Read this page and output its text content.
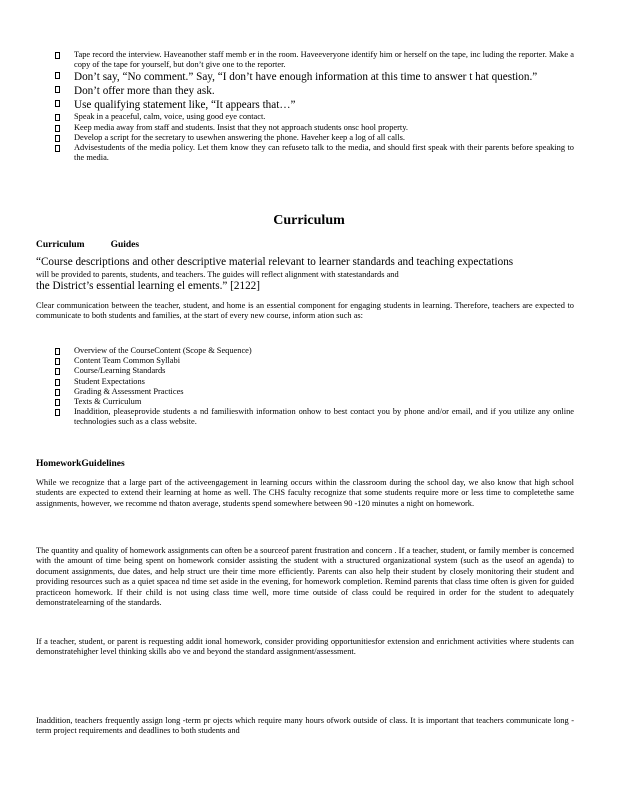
Tape record the interview. Haveanother staff memb er in the room. Haveeveryone identify him or herself on the tape, inc luding the reporter. Make a copy of the tape for yourself, but don’t give one to the reporter.
Don’t say, “No comment.” Say, “I don’t have enough information at this time to answer t hat question.”
Don’t offer more than they ask.
Use qualifying statement like, “It appears that…”
Speak in a peaceful, calm, voice, using good eye contact.
Keep media away from staff and students. Insist that they not approach students onsc hool property.
Develop a script for the secretary to usewhen answering the phone. Haveher keep a log of all calls.
Advisestudents of the media policy. Let them know they can refuseto talk to the media, and should first speak with their parents before speaking to the media.
Curriculum

Curriculum	Guides

“Course descriptions and other descriptive material relevant to learner standards and teaching expectations
will be provided to parents, students, and teachers. The guides will reflect alignment with statestandards and
the District’s essential learning el ements.” [2122]
Clear communication between the teacher, student, and home is an essential component for engaging students in learning. Therefore, teachers are expected to communicate to both students and families, at the start of every new course, inform ation such as:
Overview of the CourseContent (Scope & Sequence)
Content Team Common Syllabi
Course/Learning Standards
Student Expectations
Grading & Assessment Practices
Texts & Curriculum
Inaddition, pleaseprovide students a nd familieswith information onhow to best contact you by phone and/or email, and if you utilize any online technologies such as a class website.

HomeworkGuidelines

While we recognize that a large part of the activeengagement in learning occurs within the classroom during the school day, we also know that high school students are expected to extend their learning at home as well. The CHS faculty recognize that some students require more or less time to completethe same assignments, however, we recomme nd thaton average, students spend somewhere between 90 -120 minutes a night on homework.
The quantity and quality of homework assignments can often be a sourceof parent frustration and concern . If a teacher, student, or family member is concerned with the amount of time being spent on homework consider assisting the student with a structured organizational system (such as the useof an agenda) to document assignments, due dates, and help struct ure their time more efficiently. Parents can also help their student by closely monitoring their student and providing resources such as a quiet spacea nd time set aside in the evening, for homework completion. Remind parents that class time often is given for guided practiceon homework. If their child is not using class time well, more time outside of class could be required in order for the student to adequately demonstratelearning of the standards.
If a teacher, student, or parent is requesting addit ional homework, consider providing opportunitiesfor extension and enrichment activities where students can demonstratehigher level thinking skills abo ve and beyond the standard assignment/assessment.
Inaddition, teachers frequently assign long -term pr ojects which require many hours ofwork outside of class. It is important that teachers communicate long -term project requirements and deadlines to both students and
